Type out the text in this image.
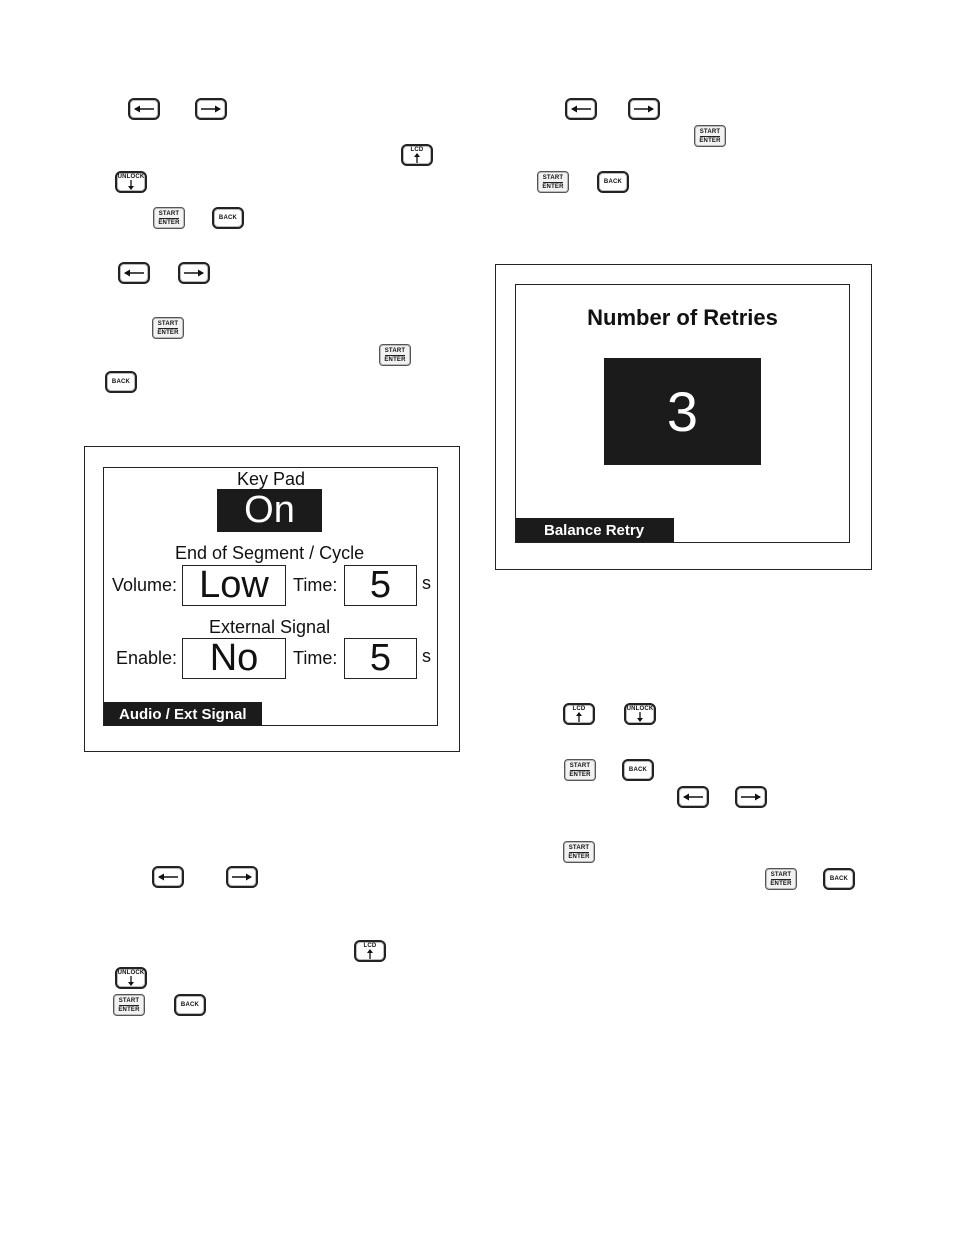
LCD
UNLOCK
START
ENTER
BACK
START
ENTER
START
ENTER
BACK
Key Pad
On
End of Segment / Cycle
Volume: Low	Time: 5	s
External Signal
Enable: No	Time: 5	s
Audio / Ext Signal
LCD
UNLOCK
START
ENTER
BACK
START
ENTER
START
ENTER
BACK
Number of Retries
3
Balance Retry
LCD	UNLOCK
START
ENTER
BACK
START
ENTER
START
ENTER
BACK
